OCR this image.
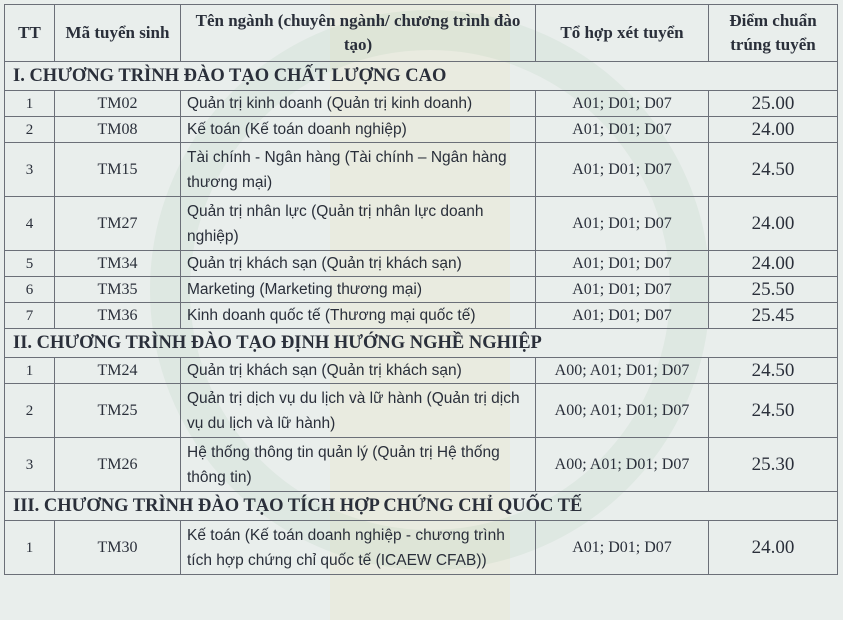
TT	Mã tuyển sinh	Tên ngành (chuyên ngành/ chương trình đào tạo)	Tổ hợp xét tuyển	Điểm chuẩn trúng tuyển
I. CHƯƠNG TRÌNH ĐÀO TẠO CHẤT LƯỢNG CAO				
1	TM02	Quản trị kinh doanh (Quản trị kinh doanh)	A01; D01; D07	25.00
2	TM08	Kế toán (Kế toán doanh nghiệp)	A01; D01; D07	24.00
3	TM15	Tài chính - Ngân hàng (Tài chính – Ngân hàng thương mại)	A01; D01; D07	24.50
4	TM27	Quản trị nhân lực (Quản trị nhân lực doanh nghiệp)	A01; D01; D07	24.00
5	TM34	Quản trị khách sạn (Quản trị khách sạn)	A01; D01; D07	24.00
6	TM35	Marketing (Marketing thương mại)	A01; D01; D07	25.50
7	TM36	Kinh doanh quốc tế (Thương mại quốc tế)	A01; D01; D07	25.45
II. CHƯƠNG TRÌNH ĐÀO TẠO ĐỊNH HƯỚNG NGHỀ NGHIỆP				
1	TM24	Quản trị khách sạn (Quản trị khách sạn)	A00; A01; D01; D07	24.50
2	TM25	Quản trị dịch vụ du lịch và lữ hành (Quản trị dịch vụ du lịch và lữ hành)	A00; A01; D01; D07	24.50
3	TM26	Hệ thống thông tin quản lý (Quản trị Hệ thống thông tin)	A00; A01; D01; D07	25.30
III. CHƯƠNG TRÌNH ĐÀO TẠO TÍCH HỢP CHỨNG CHỈ QUỐC TẾ				
1	TM30	Kế toán (Kế toán doanh nghiệp - chương trình tích hợp chứng chỉ quốc tế (ICAEW CFAB))	A01; D01; D07	24.00
